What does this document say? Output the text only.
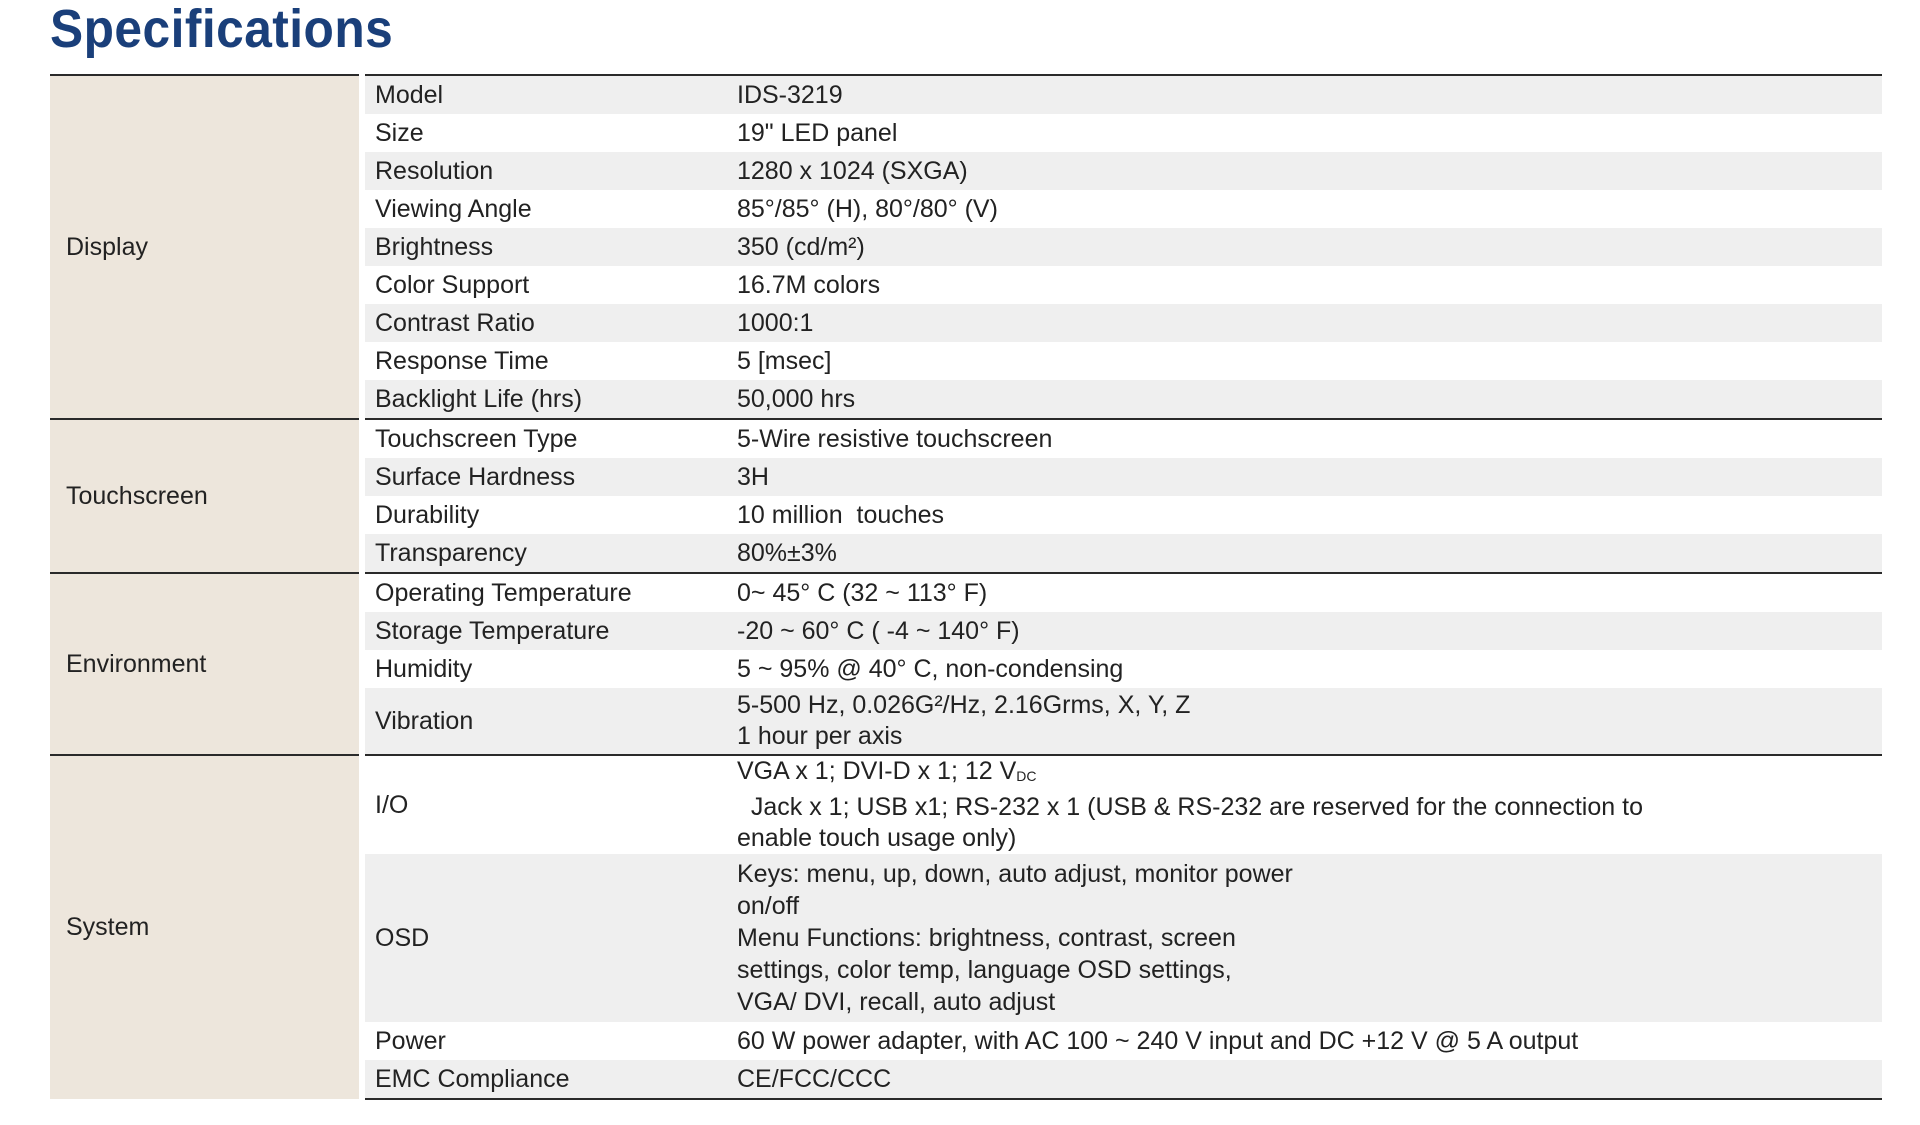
Specifications
Display	Model	IDS-3219
	Size	19" LED panel
	Resolution	1280 x 1024 (SXGA)
	Viewing Angle	85°/85° (H), 80°/80° (V)
	Brightness	350 (cd/m²)
	Color Support	16.7M colors
	Contrast Ratio	1000:1
	Response Time	5 [msec]
	Backlight Life (hrs)	50,000 hrs
Touchscreen	Touchscreen Type	5-Wire resistive touchscreen
	Surface Hardness	3H
	Durability	10 million  touches
	Transparency	80%±3%
Environment	Operating Temperature	0~ 45° C (32 ~ 113° F)
	Storage Temperature	-20 ~ 60° C ( -4 ~ 140° F)
	Humidity	5 ~ 95% @ 40° C, non-condensing
	Vibration	5-500 Hz, 0.026G²/Hz, 2.16Grms, X, Y, Z
1 hour per axis

System	I/O	VGA x 1; DVI-D x 1; 12 $V_{DC}$  Jack x 1; USB x1; RS-232 x 1 (USB & RS-232 are reserved for the connection to
enable touch usage only)

	OSD	Keys: menu, up, down, auto adjust, monitor power
on/off
Menu Functions: brightness, contrast, screen
settings, color temp, language OSD settings,
VGA/ DVI, recall, auto adjust

	Power	60 W power adapter, with AC 100 ~ 240 V input and DC +12 V @ 5 A output
	EMC Compliance	CE/FCC/CCC
